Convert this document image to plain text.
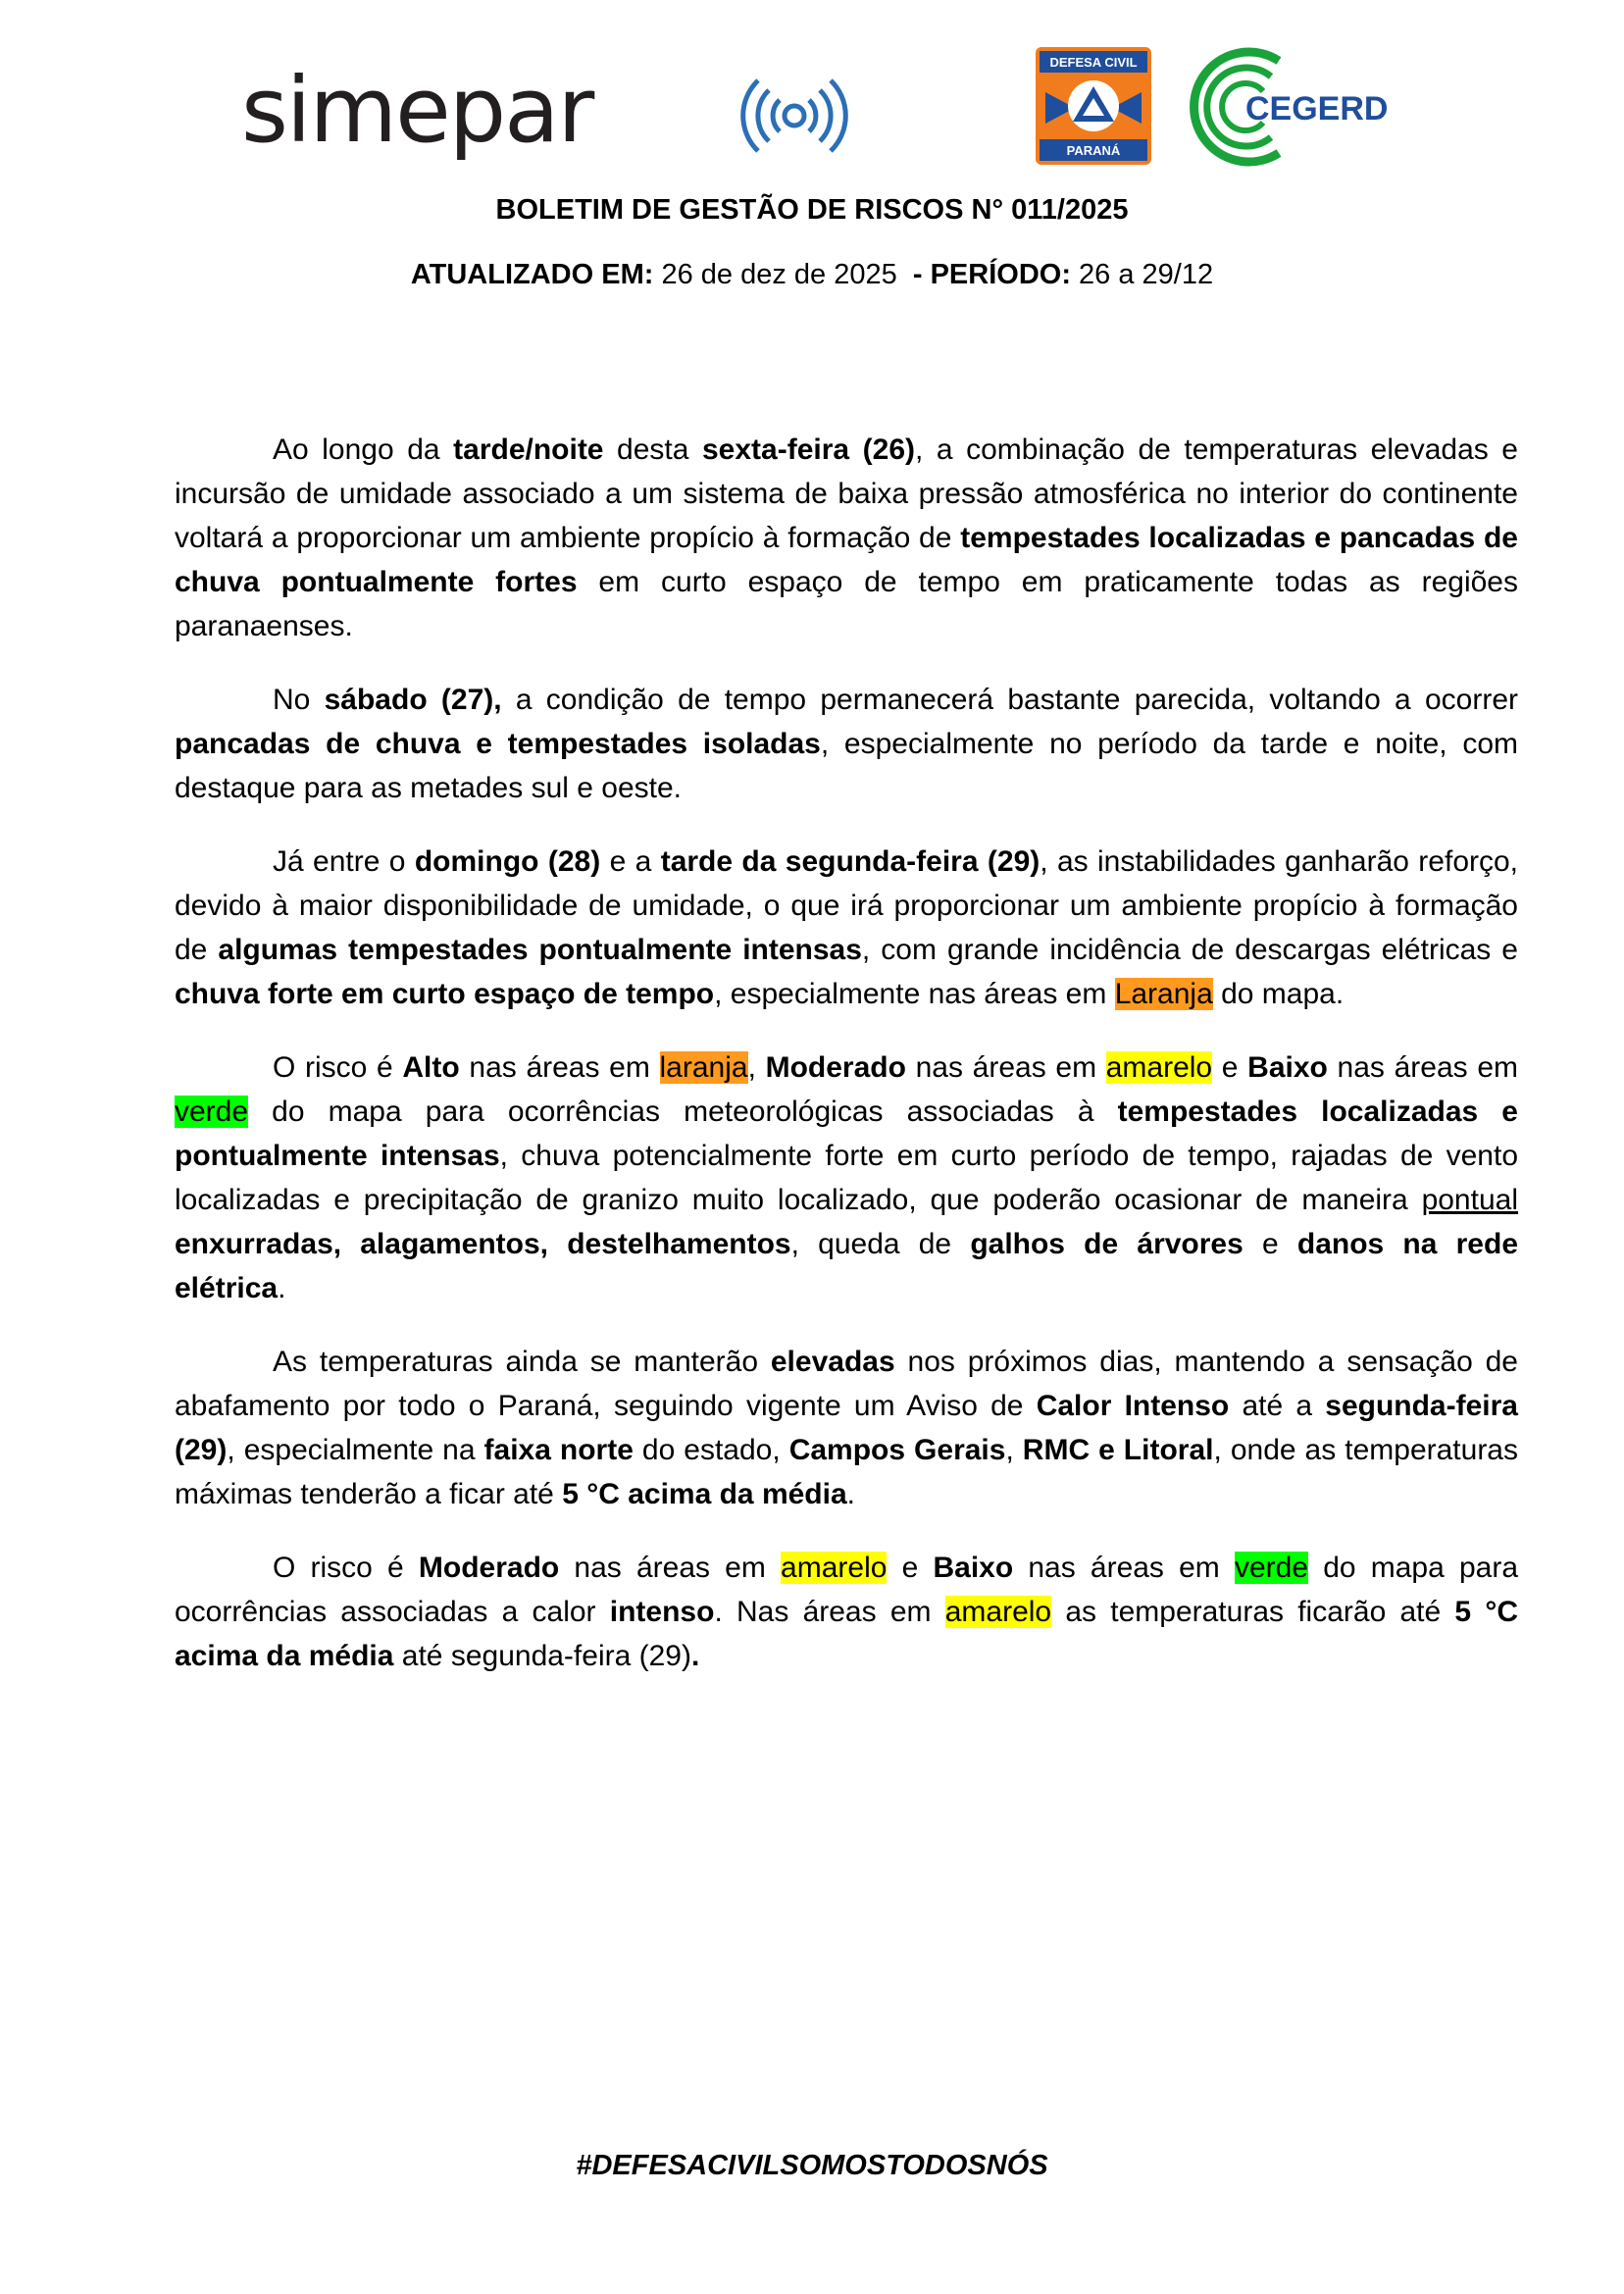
simepar	DEFESA CIVIL
PARANÁ
CEGERD
BOLETIM DE GESTÃO DE RISCOS N° 011/2025
ATUALIZADO EM: 26 de dez de 2025  - PERÍODO: 26 a 29/12

Ao longo da tarde/noite desta sexta-feira (26), a combinação de temperaturas elevadas e incursão de umidade associado a um sistema de baixa pressão atmosférica no interior do continente voltará a proporcionar um ambiente propício à formação de tempestades localizadas e pancadas de chuva pontualmente fortes em curto espaço de tempo em praticamente todas as regiões paranaenses.

No sábado (27), a condição de tempo permanecerá bastante parecida, voltando a ocorrer pancadas de chuva e tempestades isoladas, especialmente no período da tarde e noite, com destaque para as metades sul e oeste.

Já entre o domingo (28) e a tarde da segunda-feira (29), as instabilidades ganharão reforço, devido à maior disponibilidade de umidade, o que irá proporcionar um ambiente propício à formação de algumas tempestades pontualmente intensas, com grande incidência de descargas elétricas e chuva forte em curto espaço de tempo, especialmente nas áreas em Laranja do mapa.

O risco é Alto nas áreas em laranja, Moderado nas áreas em amarelo e Baixo nas áreas em verde do mapa para ocorrências meteorológicas associadas à tempestades localizadas e pontualmente intensas, chuva potencialmente forte em curto período de tempo, rajadas de vento localizadas e precipitação de granizo muito localizado, que poderão ocasionar de maneira pontual enxurradas, alagamentos, destelhamentos, queda de galhos de árvores e danos na rede elétrica.

As temperaturas ainda se manterão elevadas nos próximos dias, mantendo a sensação de abafamento por todo o Paraná, seguindo vigente um Aviso de Calor Intenso até a segunda-feira (29), especialmente na faixa norte do estado, Campos Gerais, RMC e Litoral, onde as temperaturas máximas tenderão a ficar até 5 °C acima da média.

O risco é Moderado nas áreas em amarelo e Baixo nas áreas em verde do mapa para ocorrências associadas a calor intenso. Nas áreas em amarelo as temperaturas ficarão até 5 °C acima da média até segunda-feira (29).

#DEFESACIVILSOMOSTODOSNÓS
